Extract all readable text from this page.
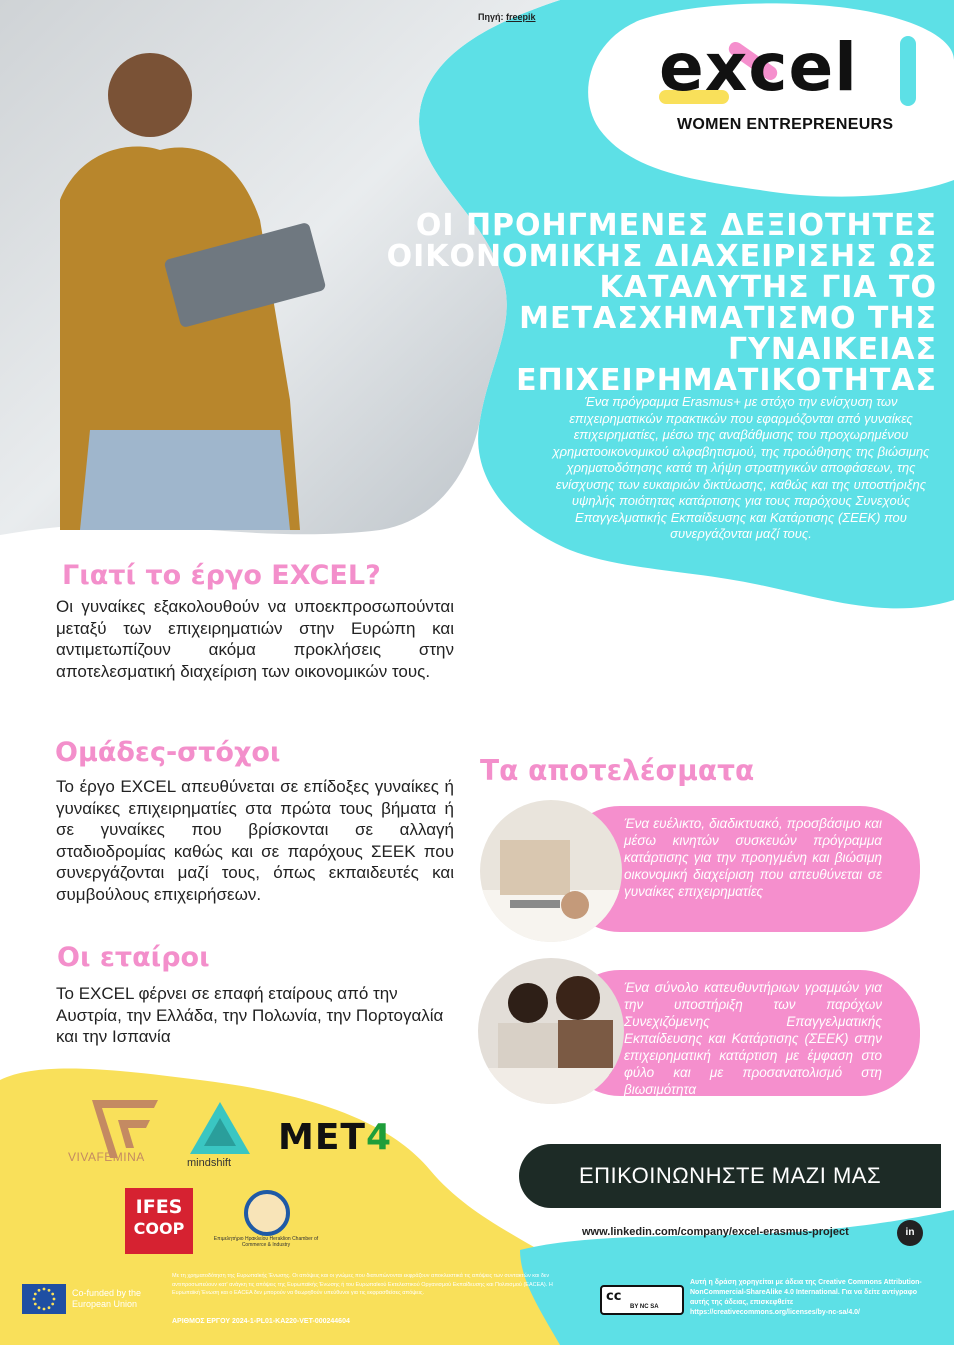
Πηγή: freepik
excel
WOMEN ENTREPRENEURS
ΟΙ ΠΡΟΗΓΜΕΝΕΣ ΔΕΞΙΟΤΗΤΕΣ ΟΙΚΟΝΟΜΙΚΗΣ ΔΙΑΧΕΙΡΙΣΗΣ ΩΣ ΚΑΤΑΛΥΤΗΣ ΓΙΑ ΤΟ ΜΕΤΑΣΧΗΜΑΤΙΣΜΟ ΤΗΣ ΓΥΝΑΙΚΕΙΑΣ ΕΠΙΧΕΙΡΗΜΑΤΙΚΟΤΗΤΑΣ
Ένα πρόγραμμα Erasmus+ με στόχο την ενίσχυση των επιχειρηματικών πρακτικών που εφαρμόζονται από γυναίκες επιχειρηματίες, μέσω της αναβάθμισης του προχωρημένου χρηματοοικονομικού αλφαβητισμού, της προώθησης της βιώσιμης χρηματοδότησης κατά τη λήψη στρατηγικών αποφάσεων, της ενίσχυσης των ευκαιριών δικτύωσης, καθώς και της υποστήριξης υψηλής ποιότητας κατάρτισης για τους παρόχους Συνεχούς Επαγγελματικής Εκπαίδευσης και Κατάρτισης (ΣΕΕΚ) που συνεργάζονται μαζί τους.
Γιατί το έργο EXCEL?
Οι γυναίκες εξακολουθούν να υποεκπροσωπούνται μεταξύ των επιχειρηματιών στην Ευρώπη και αντιμετωπίζουν ακόμα προκλήσεις στην αποτελεσματική διαχείριση των οικονομικών τους.
Ομάδες-στόχοι
Το έργο EXCEL απευθύνεται σε επίδοξες γυναίκες ή γυναίκες επιχειρηματίες στα πρώτα τους βήματα ή σε γυναίκες που βρίσκονται σε αλλαγή σταδιοδρομίας καθώς και σε παρόχους ΣΕΕΚ που συνεργάζονται μαζί τους, όπως εκπαιδευτές και συμβούλους επιχειρήσεων.
Οι εταίροι
Το EXCEL φέρνει σε επαφή εταίρους από την Αυστρία, την Ελλάδα, την Πολωνία, την Πορτογαλία και την Ισπανία
Τα αποτελέσματα
Ένα ευέλικτο, διαδικτυακό, προσβάσιμο και μέσω κινητών συσκευών πρόγραμμα κατάρτισης για την προηγμένη και βιώσιμη οικονομική διαχείριση που απευθύνεται σε γυναίκες επιχειρηματίες
Ένα σύνολο κατευθυντήριων γραμμών για την υποστήριξη των παρόχων Συνεχιζόμενης Επαγγελματικής Εκπαίδευσης και Κατάρτισης (ΣΕΕΚ) στην επιχειρηματική κατάρτιση με έμφαση στο φύλο και με προσανατολισμό στη βιωσιμότητα
ΕΠΙΚΟΙΝΩΝΗΣΤΕ ΜΑΖΙ ΜΑΣ
www.linkedin.com/company/excel-erasmus-project	in
VIVAFEMINA	mindshift
MET4
IFES
COOP
Επιμελητήριο Ηρακλείου Heraklion Chamber of Commerce & Industry
Co-funded by the European Union
Με τη χρηματοδότηση της Ευρωπαϊκής Ένωσης. Οι απόψεις και οι γνώμες που διατυπώνονται εκφράζουν αποκλειστικά τις απόψεις των συντακτών και δεν αντιπροσωπεύουν κατ' ανάγκη τις απόψεις της Ευρωπαϊκής Ένωσης ή του Ευρωπαϊκού Εκτελεστικού Οργανισμού Εκπαίδευσης και Πολιτισμού (EACEA). Η Ευρωπαϊκή Ένωση και ο EACEA δεν μπορούν να θεωρηθούν υπεύθυνοι για τις εκφρασθείσες απόψεις.
ΑΡΙΘΜΟΣ ΕΡΓΟΥ 2024-1-PL01-KA220-VET-000244604
cc
BY NC SA
Αυτή η δράση χορηγείται με άδεια της Creative Commons Attribution-NonCommercial-ShareAlike 4.0 International. Για να δείτε αντίγραφο αυτής της άδειας, επισκεφθείτε https://creativecommons.org/licenses/by-nc-sa/4.0/
